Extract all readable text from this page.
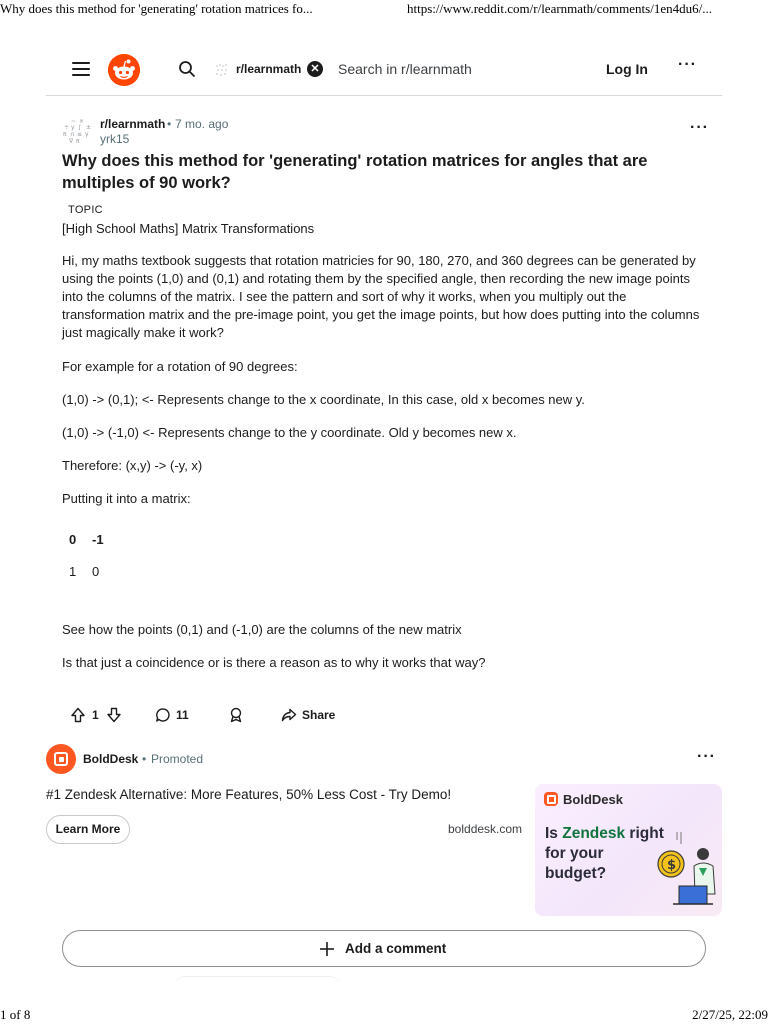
Why does this method for 'generating' rotation matrices fo...	https://www.reddit.com/r/learnmath/comments/1en4du6/...
r/learnmath ✕ Search in r/learnmath	Log In ···
~ ×
÷ y ∫ ±
π ∩ ≤ γ
∇ π
r/learnmath • 7 mo. ago
yrk15
···
Why does this method for 'generating' rotation matrices for angles that are multiples of 90 work?
TOPIC
[High School Maths] Matrix Transformations

Hi, my maths textbook suggests that rotation matricies for 90, 180, 270, and 360 degrees can be generated by using the points (1,0) and (0,1) and rotating them by the specified angle, then recording the new image points into the columns of the matrix. I see the pattern and sort of why it works, when you multiply out the transformation matrix and the pre-image point, you get the image points, but how does putting into the columns just magically make it work?

For example for a rotation of 90 degrees:

(1,0) -> (0,1); <- Represents change to the x coordinate, In this case, old x becomes new y.

(1,0) -> (-1,0) <- Represents change to the y coordinate. Old y becomes new x.

Therefore: (x,y) -> (-y, x)

Putting it into a matrix:

0 -1
1 0

See how the points (0,1) and (-1,0) are the columns of the new matrix

Is that just a coincidence or is there a reason as to why it works that way?

1	11	Share
BoldDesk • Promoted	···
#1 Zendesk Alternative: More Features, 50% Less Cost - Try Demo!
Learn More	bolddesk.com
BoldDesk
Is Zendesk right for your budget?	$
Add a comment
1 of 8	2/27/25, 22:09
